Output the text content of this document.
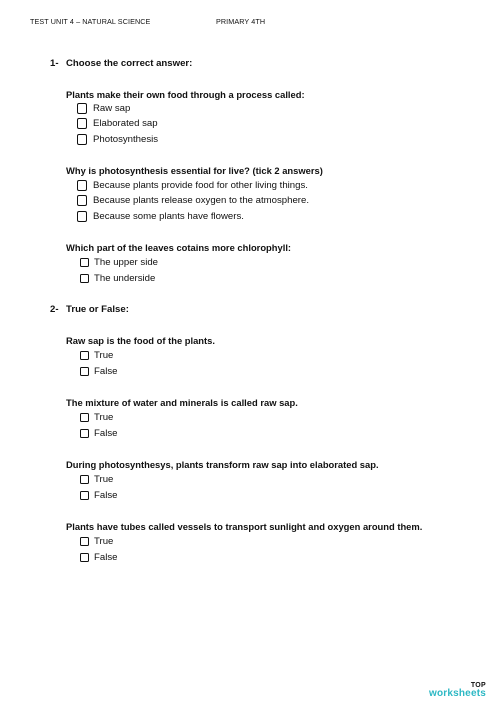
TEST UNIT 4 – NATURAL SCIENCE	PRIMARY 4TH
1- Choose the correct answer:
Plants make their own food through a process called:
Raw sap
Elaborated sap
Photosynthesis
Why is photosynthesis essential for live? (tick 2 answers)
Because plants provide food for other living things.
Because plants release oxygen to the atmosphere.
Because some plants have flowers.
Which part of the leaves cotains more chlorophyll:
The upper side
The underside
2- True or False:
Raw sap is the food of the plants.
True
False
The mixture of water and minerals is called raw sap.
True
False
During photosynthesys, plants transform raw sap into elaborated sap.
True
False
Plants have tubes called vessels to transport sunlight and oxygen around them.
True
False
TOP
worksheets
